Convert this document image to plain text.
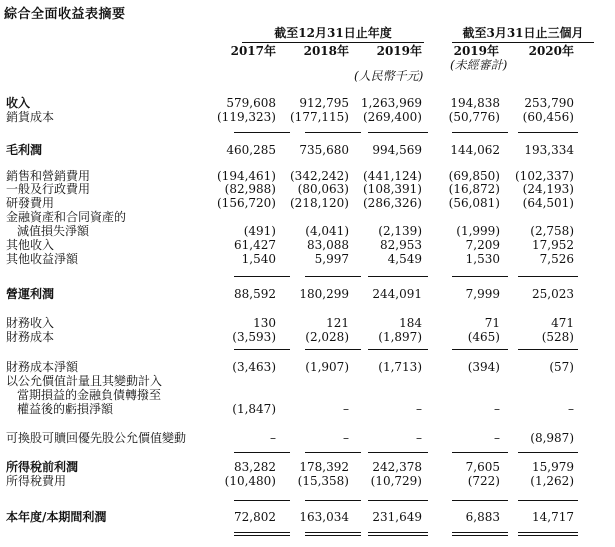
綜合全面收益表摘要
截至12月31日止年度	截至3月31日止三個月
2017年	2018年	2019年	2019年	2020年
(未經審計)
(人民幣千元)
收入	579,608 912,795 1,263,969 194,838 253,790
銷貨成本	(119,323) (177,115) (269,400) (50,776) (60,456)
毛利潤	460,285 735,680 994,569 144,062 193,334
銷售和營銷費用	(194,461) (342,242) (441,124) (69,850) (102,337)
一般及行政費用	(82,988) (80,063) (108,391) (16,872) (24,193)
研發費用	(156,720) (218,120) (286,326) (56,081) (64,501)
金融資產和合同資產的
減值損失淨額	(491) (4,041) (2,139)	(1,999)	(2,758)
其他收入	61,427	83,088	82,953	7,209	17,952
其他收益淨額	1,540	5,997	4,549	1,530	7,526
營運利潤	88,592 180,299 244,091	7,999	25,023
財務收入	130	121	184	71	471
財務成本	(3,593) (2,028) (1,897)	(465)	(528)
財務成本淨額	(3,463) (1,907) (1,713)	(394)	(57)
以公允價值計量且其變動計入
當期損益的金融負債轉撥至
權益後的虧損淨額	(1,847)	–	–	–	–
可換股可贖回優先股公允價值變動	–	–	–	–	(8,987)
所得稅前利潤	83,282 178,392 242,378	7,605	15,979
所得稅費用	(10,480) (15,358) (10,729)	(722)	(1,262)
本年度/本期間利潤	72,802 163,034 231,649	6,883	14,717
